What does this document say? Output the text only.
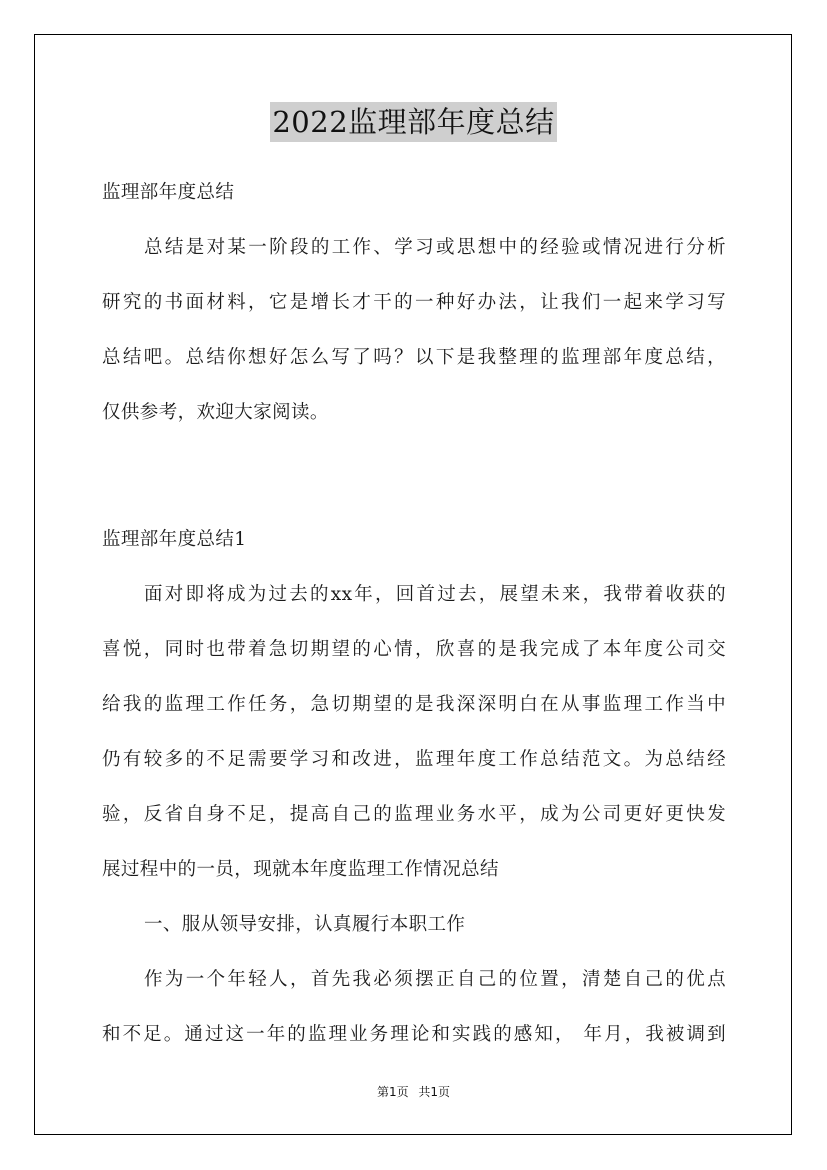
2022监理部年度总结
监理部年度总结
总结是对某一阶段的工作、学习或思想中的经验或情况进行分析
研究的书面材料，它是增长才干的一种好办法，让我们一起来学习写
总结吧。总结你想好怎么写了吗？以下是我整理的监理部年度总结，
仅供参考，欢迎大家阅读。
监理部年度总结1
面对即将成为过去的xx年，回首过去，展望未来，我带着收获的
喜悦，同时也带着急切期望的心情，欣喜的是我完成了本年度公司交
给我的监理工作任务，急切期望的是我深深明白在从事监理工作当中
仍有较多的不足需要学习和改进，监理年度工作总结范文。为总结经
验，反省自身不足，提高自己的监理业务水平，成为公司更好更快发
展过程中的一员，现就本年度监理工作情况总结
一、服从领导安排，认真履行本职工作
作为一个年轻人，首先我必须摆正自己的位置，清楚自己的优点
和不足。通过这一年的监理业务理论和实践的感知， 年月，我被调到
第1页 共1页
